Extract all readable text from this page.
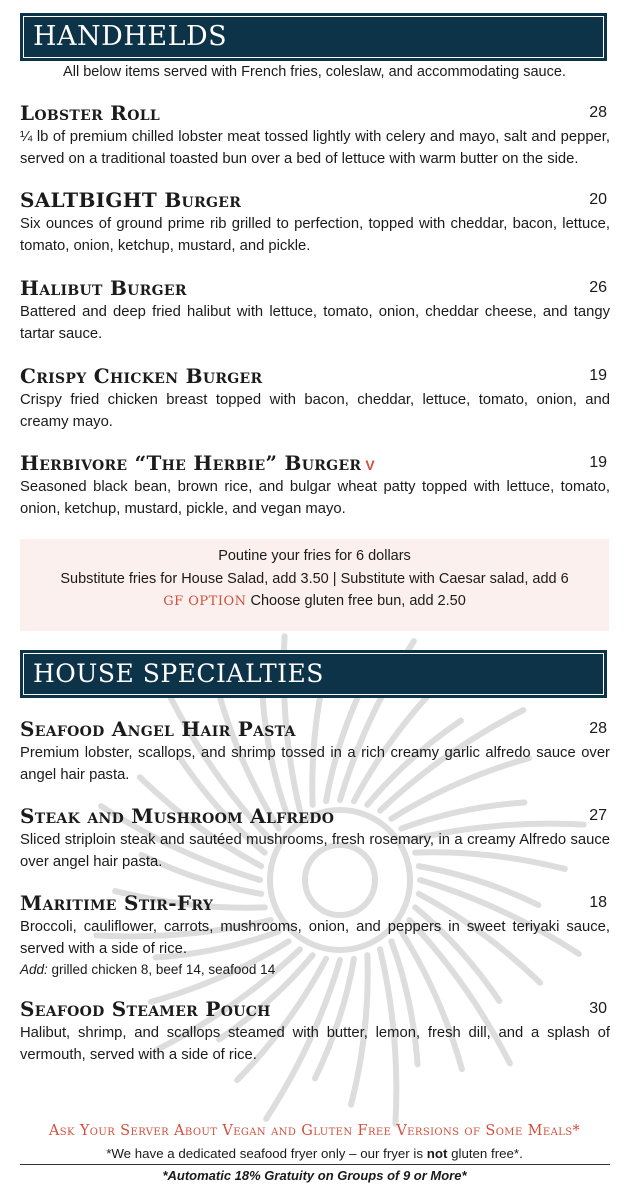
HANDHELDS
All below items served with French fries, coleslaw, and accommodating sauce.
Lobster Roll	28
¼ lb of premium chilled lobster meat tossed lightly with celery and mayo, salt and pepper, served on a traditional toasted bun over a bed of lettuce with warm butter on the side.
SALTBIGHT Burger	20
Six ounces of ground prime rib grilled to perfection, topped with cheddar, bacon, lettuce, tomato, onion, ketchup, mustard, and pickle.
Halibut Burger	26
Battered and deep fried halibut with lettuce, tomato, onion, cheddar cheese, and tangy tartar sauce.
Crispy Chicken Burger	19
Crispy fried chicken breast topped with bacon, cheddar, lettuce, tomato, onion, and creamy mayo.
Herbivore “The Herbie” Burger V	19
Seasoned black bean, brown rice, and bulgar wheat patty topped with lettuce, tomato, onion, ketchup, mustard, pickle, and vegan mayo.
Poutine your fries for 6 dollars
Substitute fries for House Salad, add 3.50 | Substitute with Caesar salad, add 6
GF OPTION Choose gluten free bun, add 2.50
HOUSE SPECIALTIES
Seafood Angel Hair Pasta	28
Premium lobster, scallops, and shrimp tossed in a rich creamy garlic alfredo sauce over angel hair pasta.
Steak and Mushroom Alfredo	27
Sliced striploin steak and sautéed mushrooms, fresh rosemary, in a creamy Alfredo sauce over angel hair pasta.
Maritime Stir-Fry	18
Broccoli, cauliflower, carrots, mushrooms, onion, and peppers in sweet teriyaki sauce, served with a side of rice.
Add: grilled chicken 8, beef 14, seafood 14
Seafood Steamer Pouch	30
Halibut, shrimp, and scallops steamed with butter, lemon, fresh dill, and a splash of vermouth, served with a side of rice.
Ask Your Server About Vegan and Gluten Free Versions of Some Meals*
*We have a dedicated seafood fryer only – our fryer is not gluten free*.
*Automatic 18% Gratuity on Groups of 9 or More*
